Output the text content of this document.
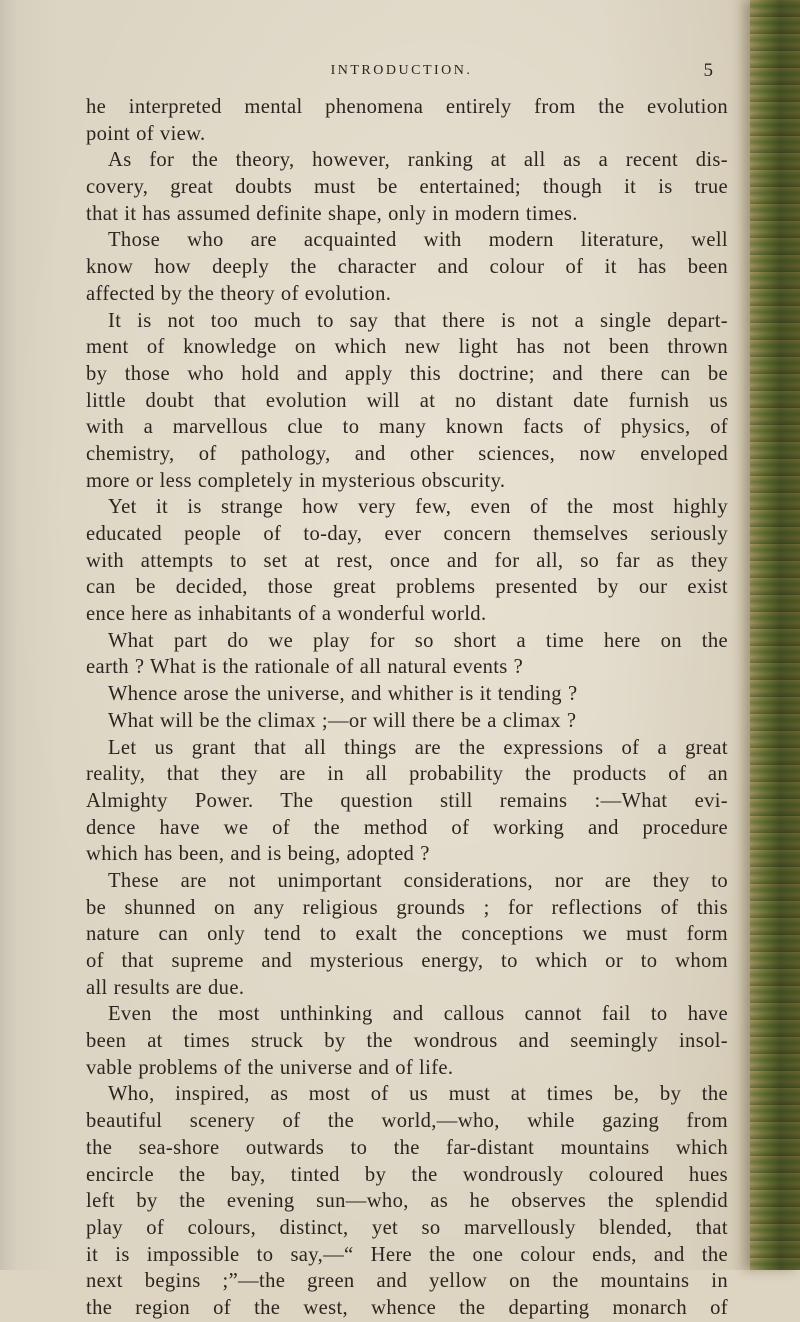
INTRODUCTION.	5
he interpreted mental phenomena entirely from the evolution
point of view.
As for the theory, however, ranking at all as a recent dis-
covery, great doubts must be entertained; though it is true
that it has assumed definite shape, only in modern times.
Those who are acquainted with modern literature, well
know how deeply the character and colour of it has been
affected by the theory of evolution.
It is not too much to say that there is not a single depart-
ment of knowledge on which new light has not been thrown
by those who hold and apply this doctrine; and there can be
little doubt that evolution will at no distant date furnish us
with a marvellous clue to many known facts of physics, of
chemistry, of pathology, and other sciences, now enveloped
more or less completely in mysterious obscurity.
Yet it is strange how very few, even of the most highly
educated people of to-day, ever concern themselves seriously
with attempts to set at rest, once and for all, so far as they
can be decided, those great problems presented by our exist
ence here as inhabitants of a wonderful world.
What part do we play for so short a time here on the
earth ? What is the rationale of all natural events ?
Whence arose the universe, and whither is it tending ?
What will be the climax ;—or will there be a climax ?
Let us grant that all things are the expressions of a great
reality, that they are in all probability the products of an
Almighty Power. The question still remains :—What evi-
dence have we of the method of working and procedure
which has been, and is being, adopted ?
These are not unimportant considerations, nor are they to
be shunned on any religious grounds ; for reflections of this
nature can only tend to exalt the conceptions we must form
of that supreme and mysterious energy, to which or to whom
all results are due.
Even the most unthinking and callous cannot fail to have
been at times struck by the wondrous and seemingly insol-
vable problems of the universe and of life.
Who, inspired, as most of us must at times be, by the
beautiful scenery of the world,—who, while gazing from
the sea-shore outwards to the far-distant mountains which
encircle the bay, tinted by the wondrously coloured hues
left by the evening sun—who, as he observes the splendid
play of colours, distinct, yet so marvellously blended, that
it is impossible to say,—“ Here the one colour ends, and the
next begins ;”—the green and yellow on the mountains in
the region of the west, whence the departing monarch of
